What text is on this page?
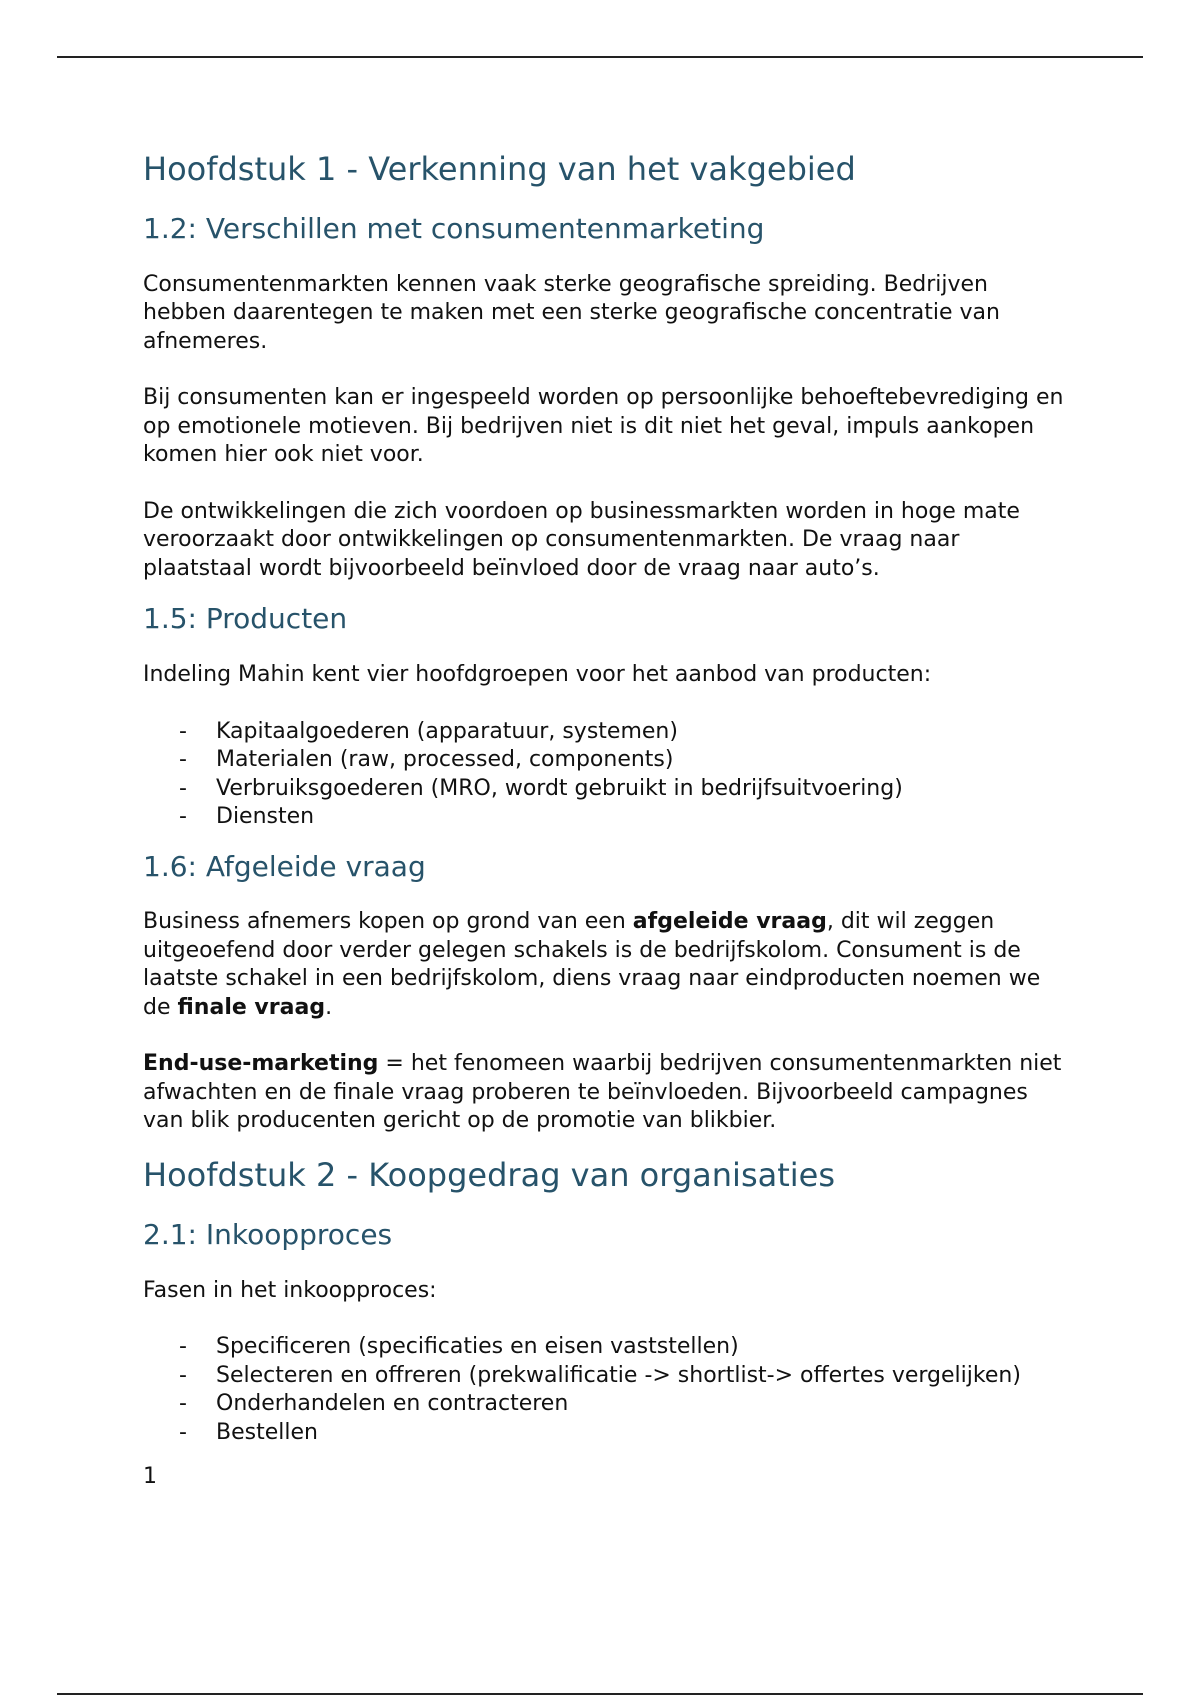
Hoofdstuk 1 - Verkenning van het vakgebied
1.2: Verschillen met consumentenmarketing

Consumentenmarkten kennen vaak sterke geografische spreiding. Bedrijven hebben daarentegen te maken met een sterke geografische concentratie van afnemeres.

Bij consumenten kan er ingespeeld worden op persoonlijke behoeftebevrediging en op emotionele motieven. Bij bedrijven niet is dit niet het geval, impuls aankopen komen hier ook niet voor.

De ontwikkelingen die zich voordoen op businessmarkten worden in hoge mate veroorzaakt door ontwikkelingen op consumentenmarkten. De vraag naar plaatstaal wordt bijvoorbeeld beïnvloed door de vraag naar auto’s.

1.5: Producten

Indeling Mahin kent vier hoofdgroepen voor het aanbod van producten:

- Kapitaalgoederen (apparatuur, systemen)
- Materialen (raw, processed, components)
- Verbruiksgoederen (MRO, wordt gebruikt in bedrijfsuitvoering)
- Diensten
1.6: Afgeleide vraag

Business afnemers kopen op grond van een afgeleide vraag, dit wil zeggen uitgeoefend door verder gelegen schakels is de bedrijfskolom. Consument is de laatste schakel in een bedrijfskolom, diens vraag naar eindproducten noemen we de finale vraag.

End-use-marketing = het fenomeen waarbij bedrijven consumentenmarkten niet afwachten en de finale vraag proberen te beïnvloeden. Bijvoorbeeld campagnes van blik producenten gericht op de promotie van blikbier.

Hoofdstuk 2 - Koopgedrag van organisaties
2.1: Inkoopproces

Fasen in het inkoopproces:

- Specificeren (specificaties en eisen vaststellen)
- Selecteren en offreren (prekwalificatie -> shortlist-> offertes vergelijken)
- Onderhandelen en contracteren
- Bestellen
1
